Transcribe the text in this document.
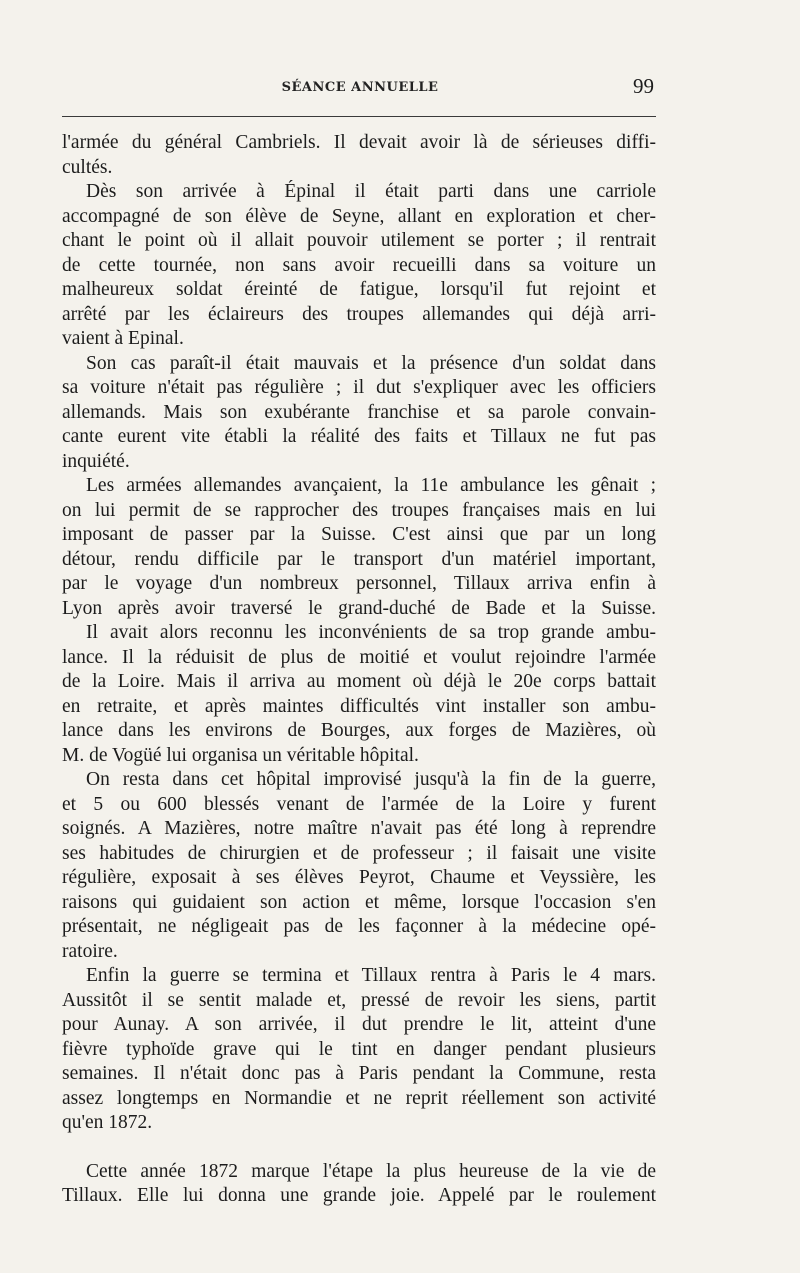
SÉANCE ANNUELLE	99
l'armée du général Cambriels. Il devait avoir là de sérieuses diffi-
cultés.
Dès son arrivée à Épinal il était parti dans une carriole
accompagné de son élève de Seyne, allant en exploration et cher-
chant le point où il allait pouvoir utilement se porter ; il rentrait
de cette tournée, non sans avoir recueilli dans sa voiture un
malheureux soldat éreinté de fatigue, lorsqu'il fut rejoint et
arrêté par les éclaireurs des troupes allemandes qui déjà arri-
vaient à Epinal.
Son cas paraît-il était mauvais et la présence d'un soldat dans
sa voiture n'était pas régulière ; il dut s'expliquer avec les officiers
allemands. Mais son exubérante franchise et sa parole convain-
cante eurent vite établi la réalité des faits et Tillaux ne fut pas
inquiété.
Les armées allemandes avançaient, la 11e ambulance les gênait ;
on lui permit de se rapprocher des troupes françaises mais en lui
imposant de passer par la Suisse. C'est ainsi que par un long
détour, rendu difficile par le transport d'un matériel important,
par le voyage d'un nombreux personnel, Tillaux arriva enfin à
Lyon après avoir traversé le grand-duché de Bade et la Suisse.
Il avait alors reconnu les inconvénients de sa trop grande ambu-
lance. Il la réduisit de plus de moitié et voulut rejoindre l'armée
de la Loire. Mais il arriva au moment où déjà le 20e corps battait
en retraite, et après maintes difficultés vint installer son ambu-
lance dans les environs de Bourges, aux forges de Mazières, où
M. de Vogüé lui organisa un véritable hôpital.
On resta dans cet hôpital improvisé jusqu'à la fin de la guerre,
et 5 ou 600 blessés venant de l'armée de la Loire y furent
soignés. A Mazières, notre maître n'avait pas été long à reprendre
ses habitudes de chirurgien et de professeur ; il faisait une visite
régulière, exposait à ses élèves Peyrot, Chaume et Veyssière, les
raisons qui guidaient son action et même, lorsque l'occasion s'en
présentait, ne négligeait pas de les façonner à la médecine opé-
ratoire.
Enfin la guerre se termina et Tillaux rentra à Paris le 4 mars.
Aussitôt il se sentit malade et, pressé de revoir les siens, partit
pour Aunay. A son arrivée, il dut prendre le lit, atteint d'une
fièvre typhoïde grave qui le tint en danger pendant plusieurs
semaines. Il n'était donc pas à Paris pendant la Commune, resta
assez longtemps en Normandie et ne reprit réellement son activité
qu'en 1872.
Cette année 1872 marque l'étape la plus heureuse de la vie de
Tillaux. Elle lui donna une grande joie. Appelé par le roulement
